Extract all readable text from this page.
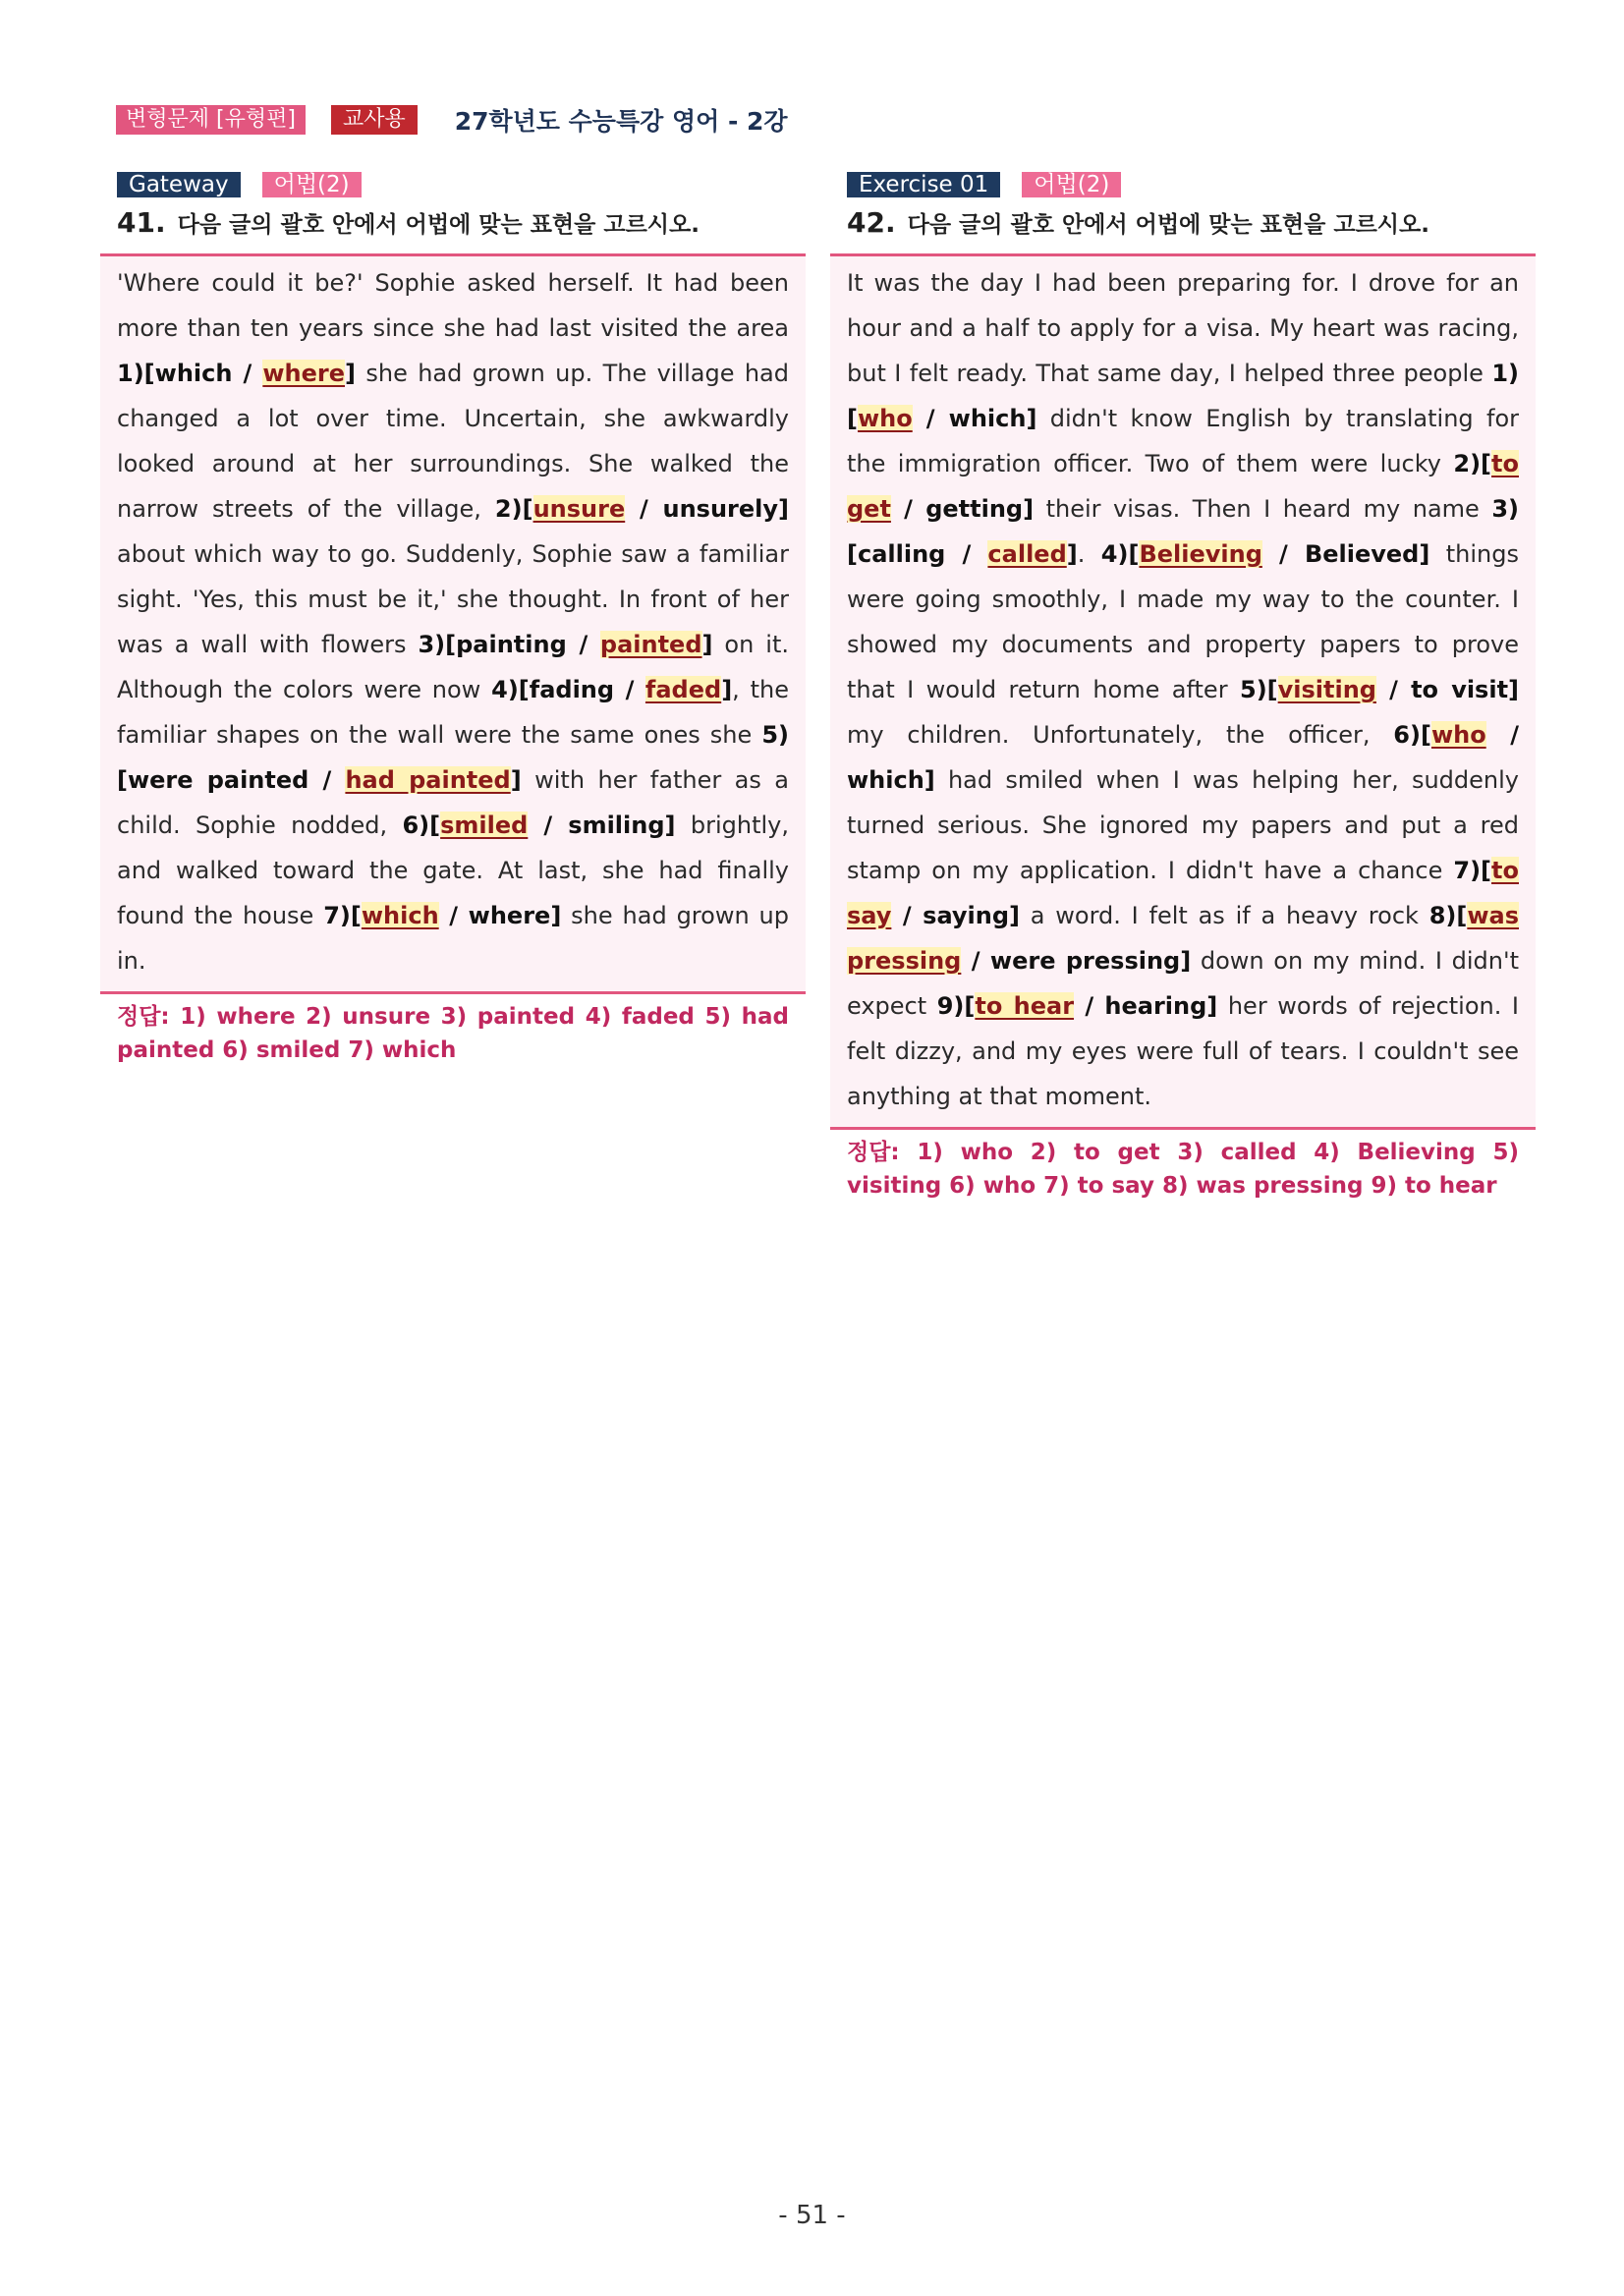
변형문제 [유형편]	교사용	27학년도 수능특강 영어 - 2강
Gateway	어법(2)
41. 다음 글의 괄호 안에서 어법에 맞는 표현을 고르시오.
'Where could it be?' Sophie asked herself. It had been more than ten years since she had last visited the area 1)[which / where] she had grown up. The village had changed a lot over time. Uncertain, she awkwardly looked around at her surroundings. She walked the narrow streets of the village, 2)[unsure / unsurely] about which way to go. Suddenly, Sophie saw a familiar sight. 'Yes, this must be it,' she thought. In front of her was a wall with flowers 3)[painting / painted] on it. Although the colors were now 4)[fading / faded], the familiar shapes on the wall were the same ones she 5)[were painted / had painted] with her father as a child. Sophie nodded, 6)[smiled / smiling] brightly, and walked toward the gate. At last, she had finally found the house 7)[which / where] she had grown up in.
정답: 1) where 2) unsure 3) painted 4) faded 5) had painted 6) smiled 7) which
Exercise 01	어법(2)
42. 다음 글의 괄호 안에서 어법에 맞는 표현을 고르시오.
It was the day I had been preparing for. I drove for an hour and a half to apply for a visa. My heart was racing, but I felt ready. That same day, I helped three people 1)[who / which] didn't know English by translating for the immigration officer. Two of them were lucky 2)[to get / getting] their visas. Then I heard my name 3)[calling / called]. 4)[Believing / Believed] things were going smoothly, I made my way to the counter. I showed my documents and property papers to prove that I would return home after 5)[visiting / to visit] my children. Unfortunately, the officer, 6)[who / which] had smiled when I was helping her, suddenly turned serious. She ignored my papers and put a red stamp on my application. I didn't have a chance 7)[to say / saying] a word. I felt as if a heavy rock 8)[was pressing / were pressing] down on my mind. I didn't expect 9)[to hear / hearing] her words of rejection. I felt dizzy, and my eyes were full of tears. I couldn't see anything at that moment.
정답: 1) who 2) to get 3) called 4) Believing 5) visiting 6) who 7) to say 8) was pressing 9) to hear
- 51 -
